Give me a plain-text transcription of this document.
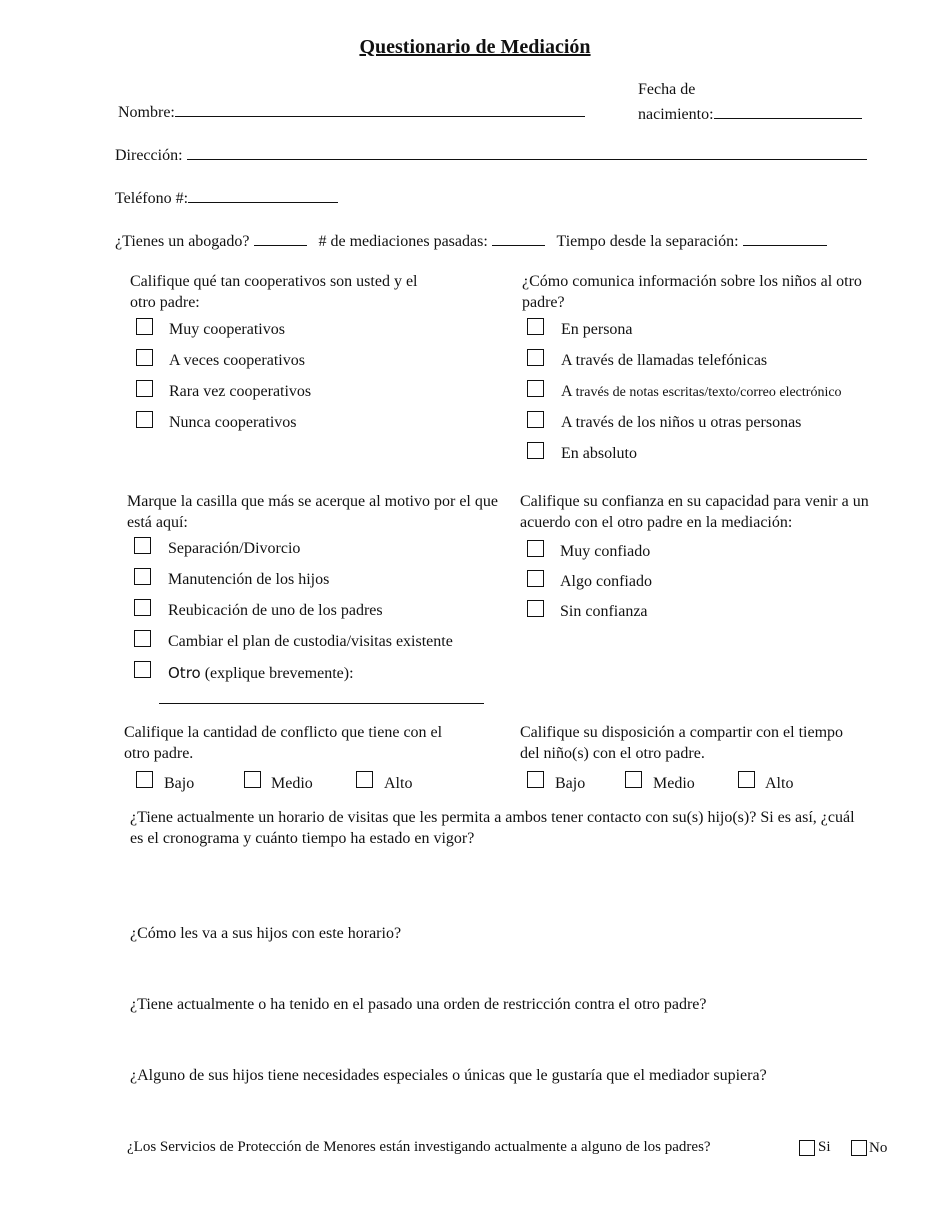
Questionario de Mediación
Nombre:
Fecha de
nacimiento:
Dirección:
Teléfono #:
¿Tienes un abogado?	# de mediaciones pasadas:	Tiempo desde la separación:
Califique qué tan cooperativos son usted y el otro padre:
Muy cooperativos
A veces cooperativos
Rara vez cooperativos
Nunca cooperativos
¿Cómo comunica información sobre los niños al otro padre?
En persona
A través de llamadas telefónicas
A través de notas escritas/texto/correo electrónico
A través de los niños u otras personas
En absoluto
Marque la casilla que más se acerque al motivo por el que está aquí:
Separación/Divorcio
Manutención de los hijos
Reubicación de uno de los padres
Cambiar el plan de custodia/visitas existente
Otro (explique brevemente):
Califique su confianza en su capacidad para venir a un acuerdo con el otro padre en la mediación:
Muy confiado
Algo confiado
Sin confianza
Califique la cantidad de conflicto que tiene con el otro padre.
Bajo	Medio	Alto
Califique su disposición a compartir con el tiempo del niño(s) con el otro padre.
Bajo	Medio	Alto
¿Tiene actualmente un horario de visitas que les permita a ambos tener contacto con su(s) hijo(s)? Si es así, ¿cuál es el cronograma y cuánto tiempo ha estado en vigor?
¿Cómo les va a sus hijos con este horario?
¿Tiene actualmente o ha tenido en el pasado una orden de restricción contra el otro padre?
¿Alguno de sus hijos tiene necesidades especiales o únicas que le gustaría que el mediador supiera?
¿Los Servicios de Protección de Menores están investigando actualmente a alguno de los padres?	Si	No
